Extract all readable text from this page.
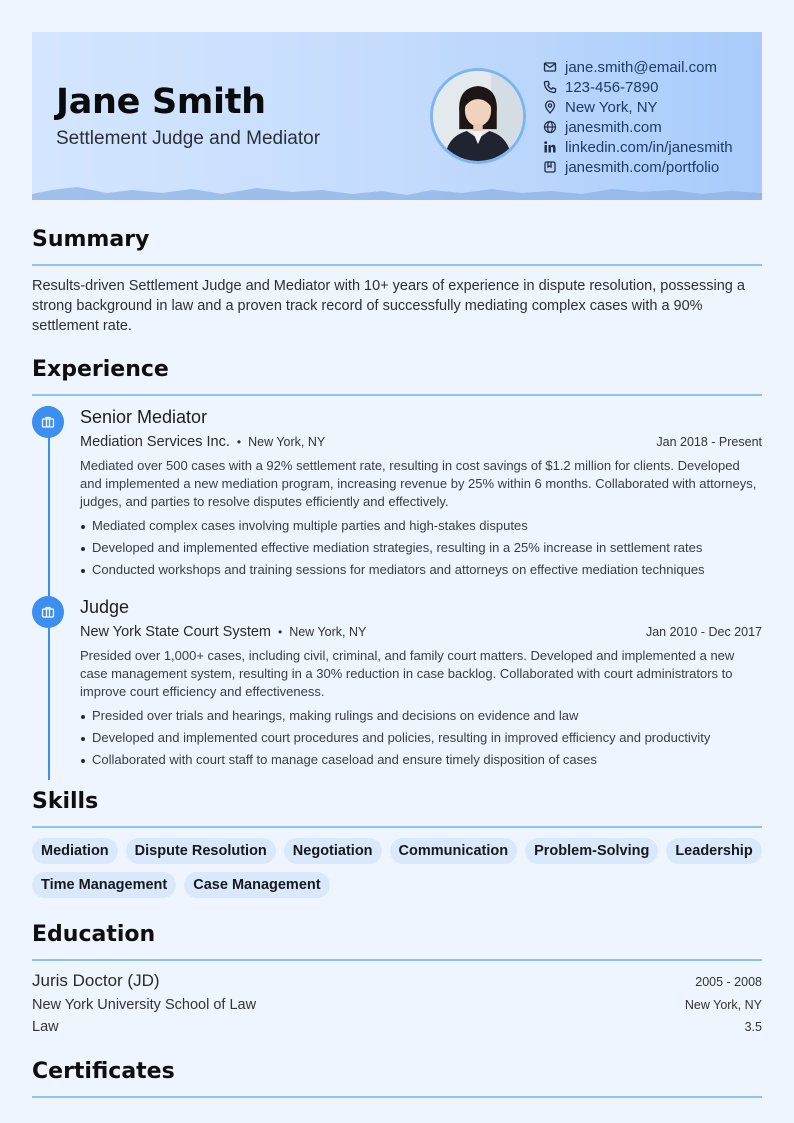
Jane Smith
Settlement Judge and Mediator
jane.smith@email.com
123-456-7890
New York, NY
janesmith.com
linkedin.com/in/janesmith
janesmith.com/portfolio
Summary
Results-driven Settlement Judge and Mediator with 10+ years of experience in dispute resolution, possessing a strong background in law and a proven track record of successfully mediating complex cases with a 90% settlement rate.
Experience
Senior Mediator
Mediation Services Inc. • New York, NY	Jan 2018 - Present
Mediated over 500 cases with a 92% settlement rate, resulting in cost savings of $1.2 million for clients. Developed and implemented a new mediation program, increasing revenue by 25% within 6 months. Collaborated with attorneys, judges, and parties to resolve disputes efficiently and effectively.
Mediated complex cases involving multiple parties and high-stakes disputes
Developed and implemented effective mediation strategies, resulting in a 25% increase in settlement rates
Conducted workshops and training sessions for mediators and attorneys on effective mediation techniques
Judge
New York State Court System • New York, NY	Jan 2010 - Dec 2017
Presided over 1,000+ cases, including civil, criminal, and family court matters. Developed and implemented a new case management system, resulting in a 30% reduction in case backlog. Collaborated with court administrators to improve court efficiency and effectiveness.
Presided over trials and hearings, making rulings and decisions on evidence and law
Developed and implemented court procedures and policies, resulting in improved efficiency and productivity
Collaborated with court staff to manage caseload and ensure timely disposition of cases
Skills
Mediation	Dispute Resolution	Negotiation	Communication	Problem-Solving	Leadership
Time Management	Case Management
Education
Juris Doctor (JD)	2005 - 2008
New York University School of Law	New York, NY
Law	3.5
Certificates
